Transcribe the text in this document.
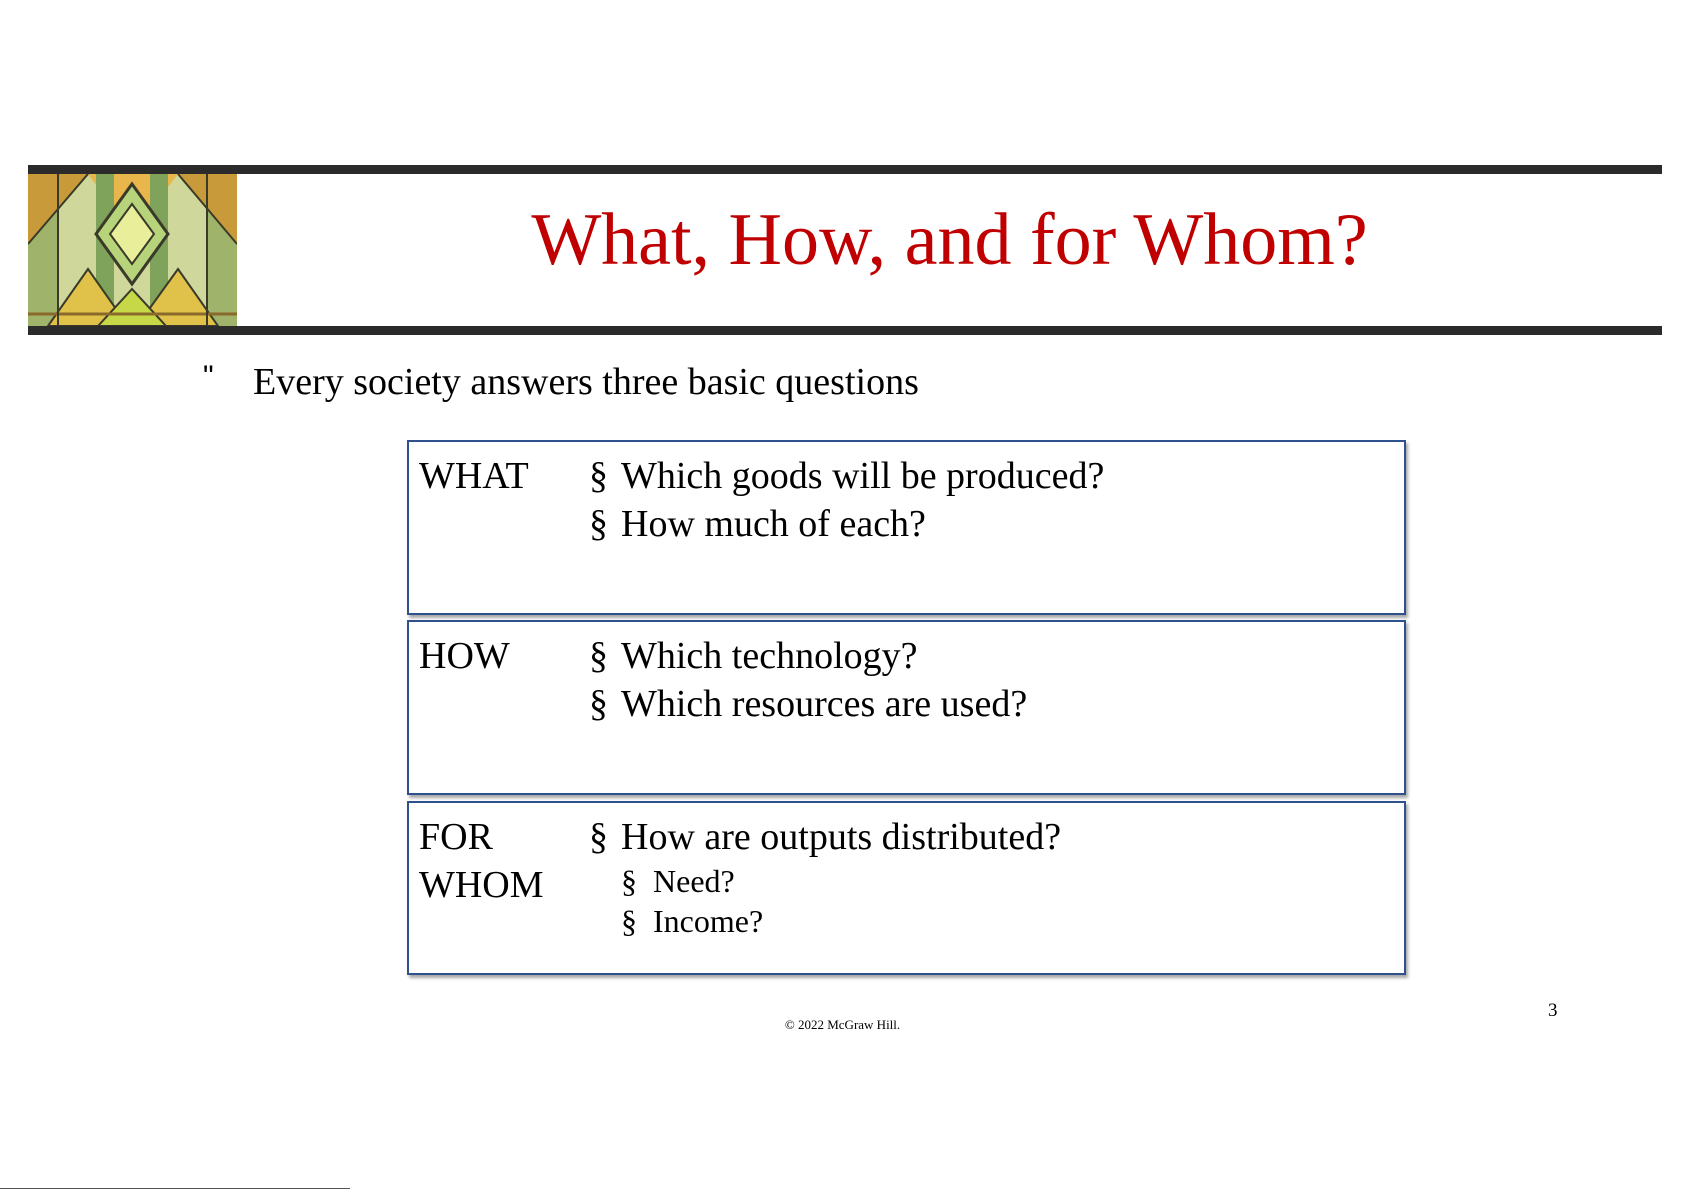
What, How, and for Whom?
" Every society answers three basic questions
WHAT § Which goods will be produced?
§ How much of each?
HOW § Which technology?
§ Which resources are used?
FOR
WHOM
§ How are outputs distributed?
§ Need?
§ Income?
3
© 2022 McGraw Hill.
